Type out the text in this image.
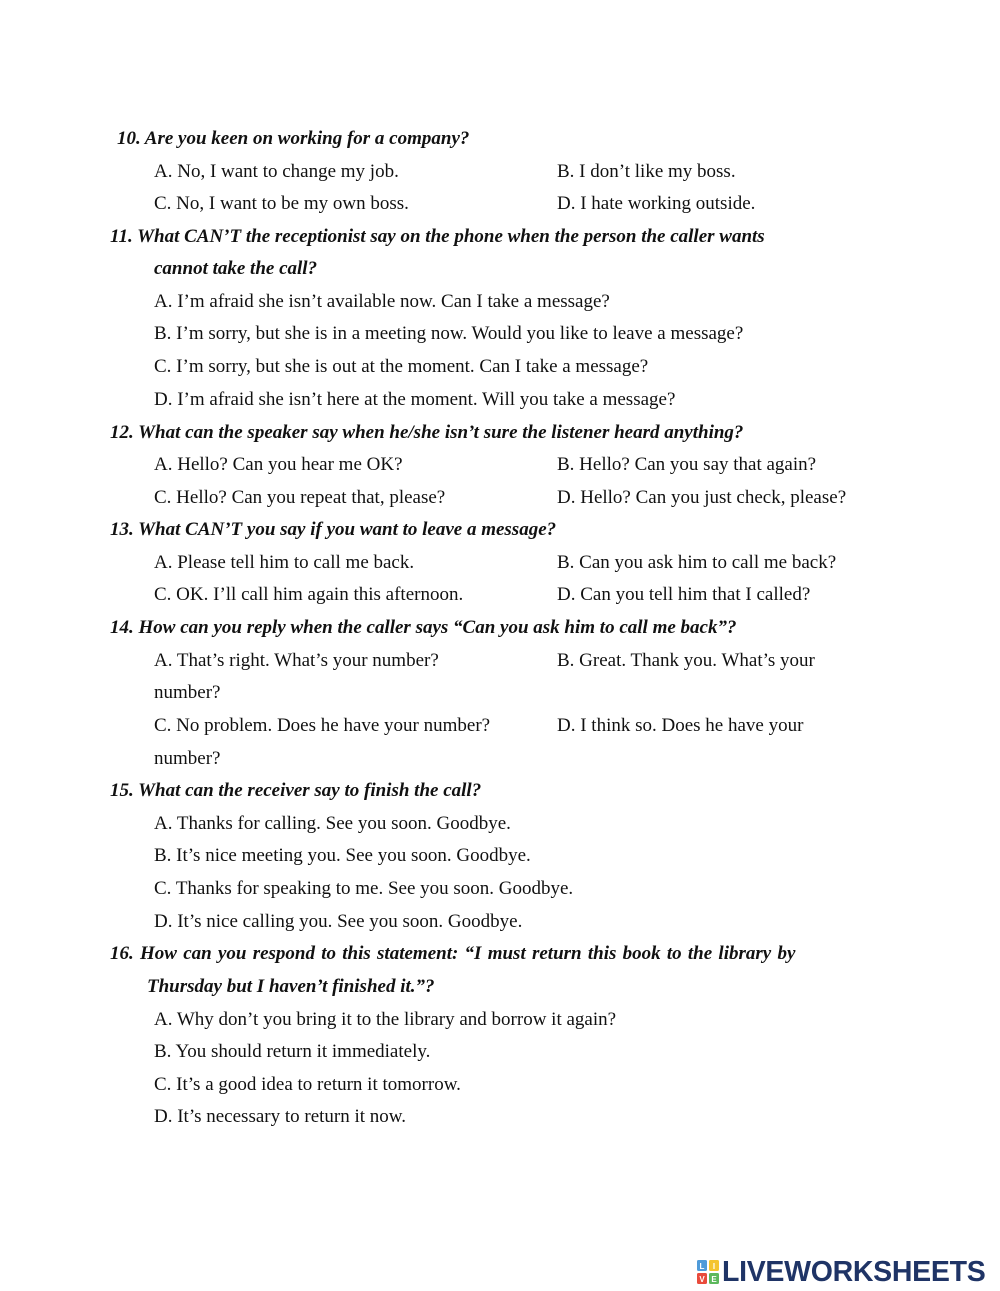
10. Are you keen on working for a company?
A. No, I want to change my job.	B. I don’t like my boss.
C. No, I want to be my own boss.	D. I hate working outside.
11. What CAN’T the receptionist say on the phone when the person the caller wants
cannot take the call?
A. I’m afraid she isn’t available now. Can I take a message?
B. I’m sorry, but she is in a meeting now. Would you like to leave a message?
C. I’m sorry, but she is out at the moment. Can I take a message?
D. I’m afraid she isn’t here at the moment. Will you take a message?
12. What can the speaker say when he/she isn’t sure the listener heard anything?
A. Hello? Can you hear me OK?	B. Hello? Can you say that again?
C. Hello? Can you repeat that, please?	D. Hello? Can you just check, please?
13. What CAN’T you say if you want to leave a message?
A. Please tell him to call me back.	B. Can you ask him to call me back?
C. OK. I’ll call him again this afternoon.	D. Can you tell him that I called?
14. How can you reply when the caller says “Can you ask him to call me back”?
A. That’s right. What’s your number?	B. Great. Thank you. What’s your
number?
C. No problem. Does he have your number?	D. I think so. Does he have your
number?
15. What can the receiver say to finish the call?
A. Thanks for calling. See you soon. Goodbye.
B. It’s nice meeting you. See you soon. Goodbye.
C. Thanks for speaking to me. See you soon. Goodbye.
D. It’s nice calling you. See you soon. Goodbye.
16. How can you respond to this statement: “I must return this book to the library by
Thursday but I haven’t finished it.”?
A. Why don’t you bring it to the library and borrow it again?
B. You should return it immediately.
C. It’s a good idea to return it tomorrow.
D. It’s necessary to return it now.
L I
V E LIVEWORKSHEETS
